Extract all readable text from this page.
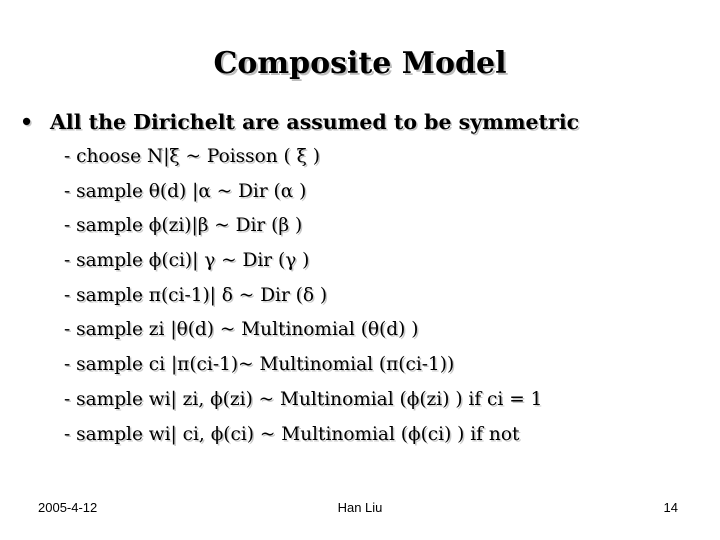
Composite Model
• All the Dirichelt are assumed to be symmetric
- choose N|ξ ~ Poisson ( ξ )
- sample θ(d) |α ~ Dir (α )
- sample ϕ(zi)|β ~ Dir (β )
- sample ϕ(ci)| γ ~ Dir (γ )
- sample π(ci-1)| δ ~ Dir (δ )
- sample zi |θ(d) ~ Multinomial (θ(d) )
- sample ci |π(ci-1)~ Multinomial (π(ci-1))
- sample wi| zi, ϕ(zi) ~ Multinomial (ϕ(zi) ) if ci = 1
- sample wi| ci, ϕ(ci) ~ Multinomial (ϕ(ci) ) if not
2005-4-12	Han Liu	14
